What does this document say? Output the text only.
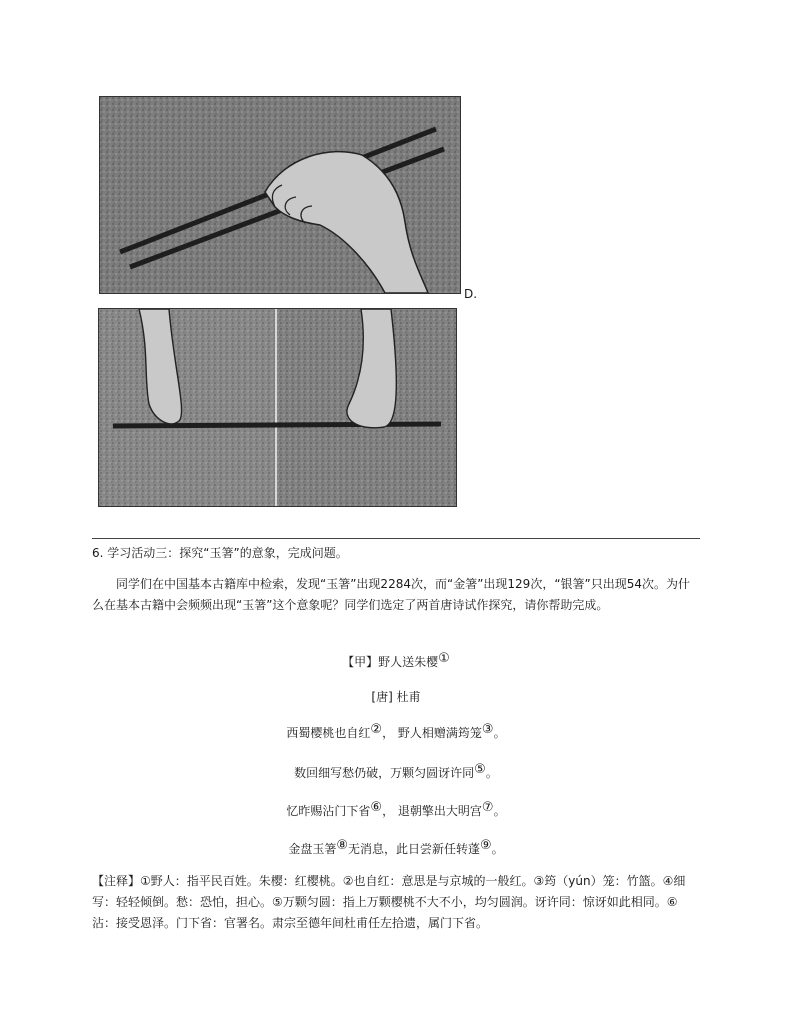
D.
6. 学习活动三：探究“玉箸”的意象，完成问题。
同学们在中国基本古籍库中检索，发现“玉箸”出现2284次，而“金箸”出现129次，“银箸”只出现54次。为什么在基本古籍中会频频出现“玉箸”这个意象呢？同学们选定了两首唐诗试作探究，请你帮助完成。
【甲】野人送朱樱①
[唐] 杜甫
西蜀樱桃也自红②， 野人相赠满筠笼③。
数回细写愁仍破，万颗匀圆讶许同⑤。
忆昨赐沾门下省⑥， 退朝擎出大明宫⑦。
金盘玉箸⑧无消息，此日尝新任转蓬⑨。
【注释】①野人：指平民百姓。朱樱：红樱桃。②也自红：意思是与京城的一般红。③筠（yún）笼：竹篮。④细写：轻轻倾倒。愁：恐怕，担心。⑤万颗匀圆：指上万颗樱桃不大不小，均匀圆润。讶许同：惊讶如此相同。⑥沾：接受恩泽。门下省：官署名。肃宗至德年间杜甫任左拾遗，属门下省。
